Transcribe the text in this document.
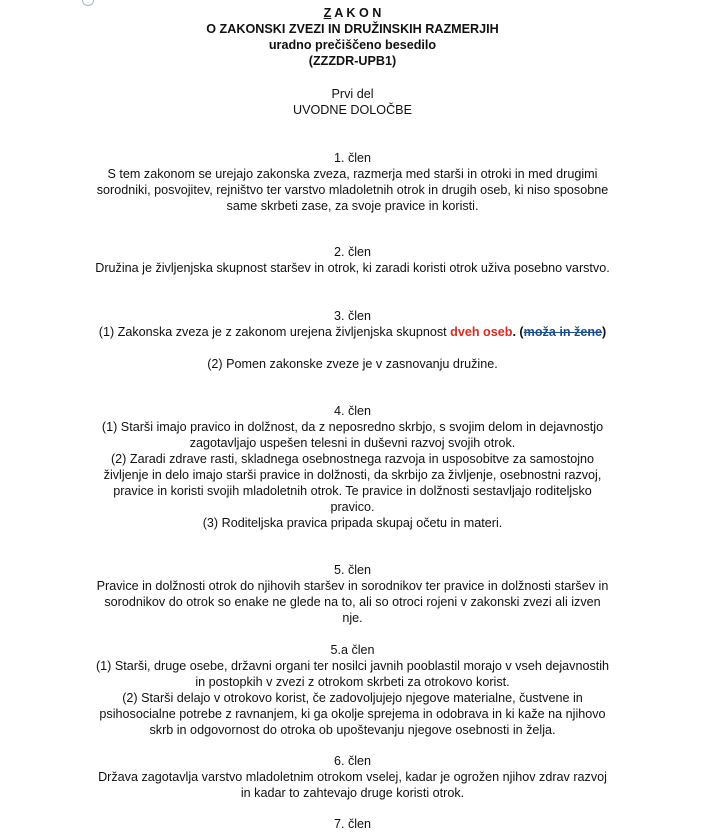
Z A K O N
O ZAKONSKI ZVEZI IN DRUŽINSKIH RAZMERJIH
uradno prečiščeno besedilo
(ZZZDR-UPB1)
Prvi del
UVODNE DOLOČBE
1. člen
S tem zakonom se urejajo zakonska zveza, razmerja med starši in otroki in med drugimi
sorodniki, posvojitev, rejništvo ter varstvo mladoletnih otrok in drugih oseb, ki niso sposobne
same skrbeti zase, za svoje pravice in koristi.
2. člen
Družina je življenjska skupnost staršev in otrok, ki zaradi koristi otrok uživa posebno varstvo.
3. člen
(1) Zakonska zveza je z zakonom urejena življenjska skupnost dveh oseb. (moža in žene)
(2) Pomen zakonske zveze je v zasnovanju družine.
4. člen
(1) Starši imajo pravico in dolžnost, da z neposredno skrbjo, s svojim delom in dejavnostjo
zagotavljajo uspešen telesni in duševni razvoj svojih otrok.
(2) Zaradi zdrave rasti, skladnega osebnostnega razvoja in usposobitve za samostojno
življenje in delo imajo starši pravice in dolžnosti, da skrbijo za življenje, osebnostni razvoj,
pravice in koristi svojih mladoletnih otrok. Te pravice in dolžnosti sestavljajo roditeljsko
pravico.
(3) Roditeljska pravica pripada skupaj očetu in materi.
5. člen
Pravice in dolžnosti otrok do njihovih staršev in sorodnikov ter pravice in dolžnosti staršev in
sorodnikov do otrok so enake ne glede na to, ali so otroci rojeni v zakonski zvezi ali izven
nje.
5.a člen
(1) Starši, druge osebe, državni organi ter nosilci javnih pooblastil morajo v vseh dejavnostih
in postopkih v zvezi z otrokom skrbeti za otrokovo korist.
(2) Starši delajo v otrokovo korist, če zadovoljujejo njegove materialne, čustvene in
psihosocialne potrebe z ravnanjem, ki ga okolje sprejema in odobrava in ki kaže na njihovo
skrb in odgovornost do otroka ob upoštevanju njegove osebnosti in želja.
6. člen
Država zagotavlja varstvo mladoletnim otrokom vselej, kadar je ogrožen njihov zdrav razvoj
in kadar to zahtevajo druge koristi otrok.
7. člen
